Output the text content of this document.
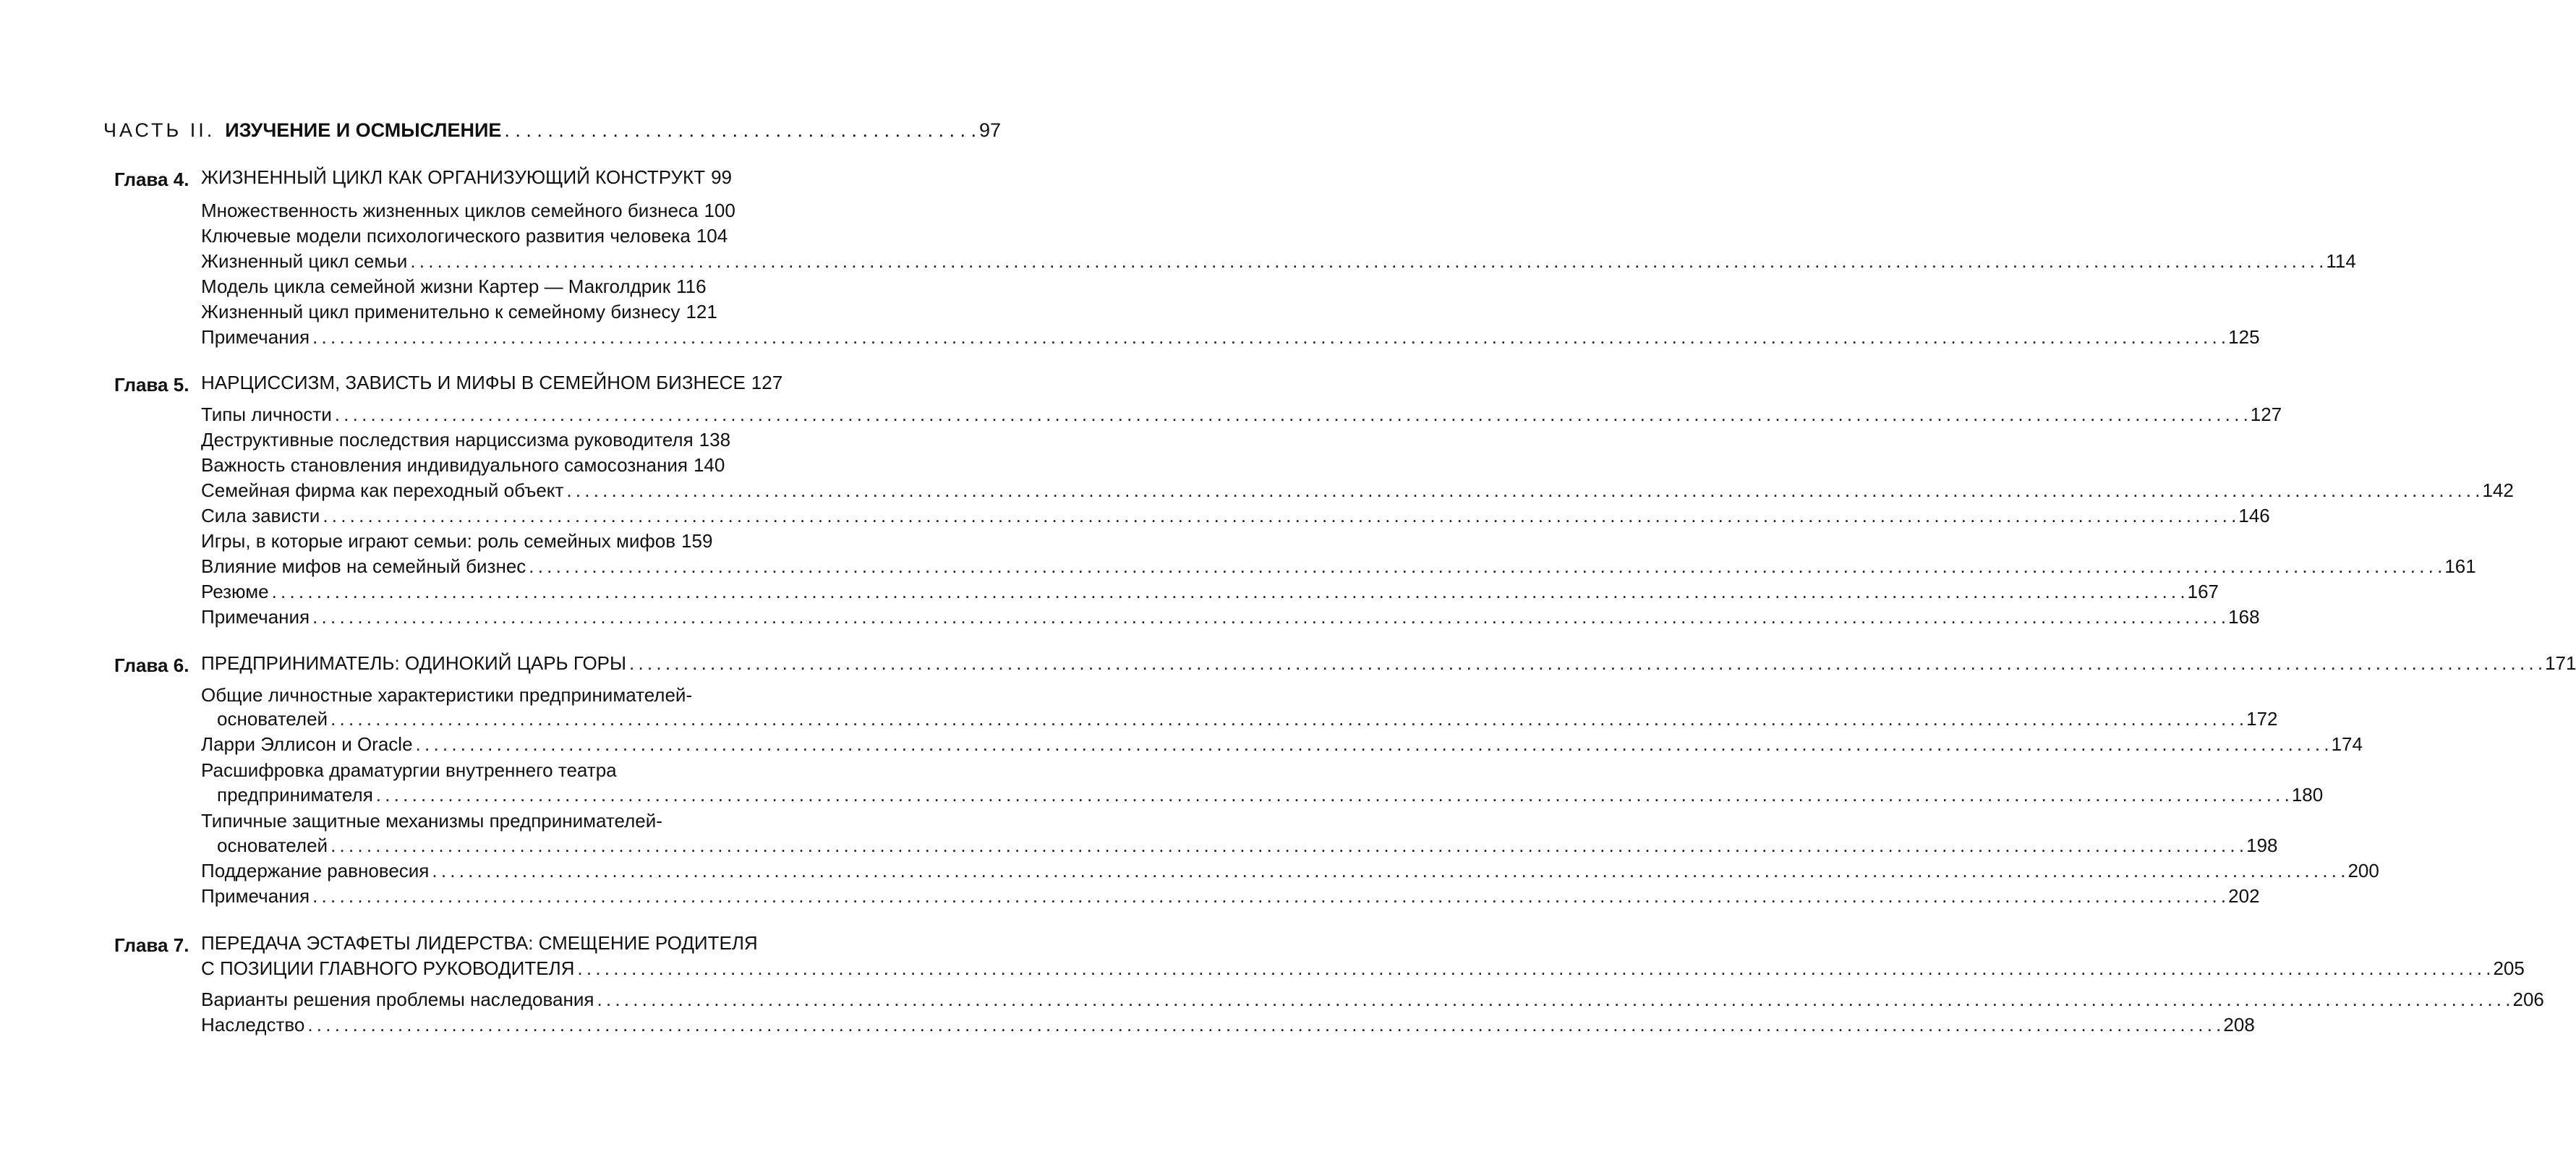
ЧАСТЬ II. ИЗУЧЕНИЕ И ОСМЫСЛЕНИЕ . . . . . . . . . . . . . . . . . . . . . . . . . . . . . . . . . . . . . . . . . . . . 97
Глава 4. ЖИЗНЕННЫЙ ЦИКЛ КАК ОРГАНИЗУЮЩИЙ КОНСТРУКТ 99
Множественность жизненных циклов семейного бизнеса 100
Ключевые модели психологического развития человека 104
Жизненный цикл семьи . . .	114
Модель цикла семейной жизни Картер — Макголдрик 116
Жизненный цикл применительно к семейному бизнесу 121
Примечания . . .	125
Глава 5. НАРЦИССИЗМ, ЗАВИСТЬ И МИФЫ В СЕМЕЙНОМ БИЗНЕСЕ 127
Типы личности . . .	127
Деструктивные последствия нарциссизма руководителя 138
Важность становления индивидуального самосознания 140
Семейная фирма как переходный объект . . .	142
Сила зависти . . .	146
Игры, в которые играют семьи: роль семейных мифов 159
Влияние мифов на семейный бизнес . . .	161
Резюме . . .	167
Примечания . . .	168
Глава 6. ПРЕДПРИНИМАТЕЛЬ: ОДИНОКИЙ ЦАРЬ ГОРЫ . . .	171
Общие личностные характеристики предпринимателей-
основателей . . .	172
Ларри Эллисон и Oracle . . .	174
Расшифровка драматургии внутреннего театра
предпринимателя . . .	180
Типичные защитные механизмы предпринимателей-
основателей . . .	198
Поддержание равновесия . . .	200
Примечания . . .	202
Глава 7. ПЕРЕДАЧА ЭСТАФЕТЫ ЛИДЕРСТВА: СМЕЩЕНИЕ РОДИТЕЛЯ
С ПОЗИЦИИ ГЛАВНОГО РУКОВОДИТЕЛЯ . . .	205
Варианты решения проблемы наследования . . .	206
Наследство . . .	208
